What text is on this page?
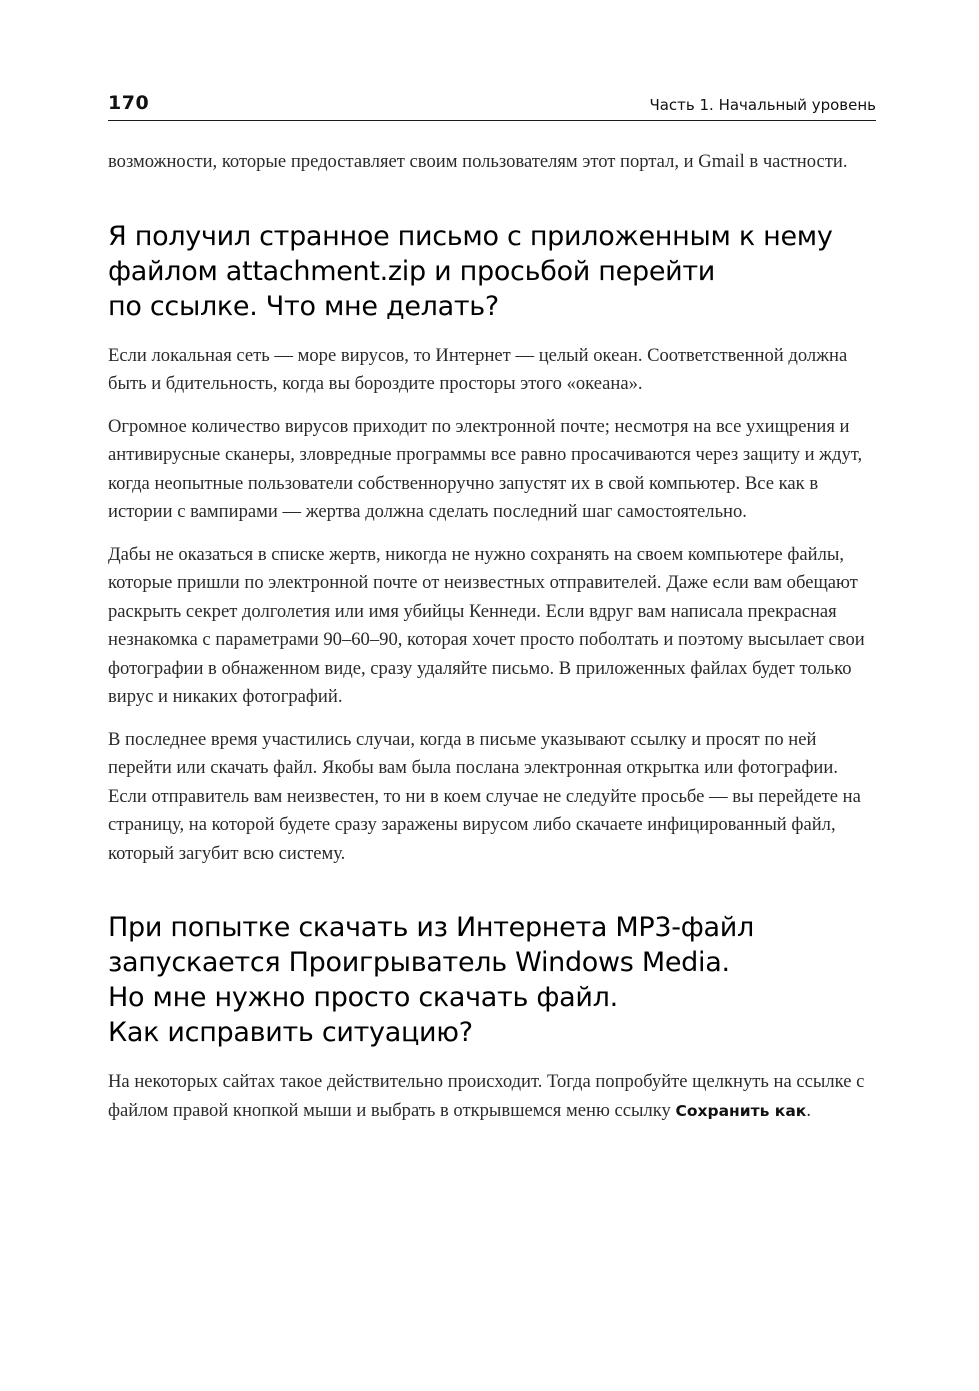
170	Часть 1. Начальный уровень

возможности, которые предоставляет своим пользователям этот портал, и Gmail в частности.

Я получил странное письмо с приложенным к нему
файлом attachment.zip и просьбой перейти
по ссылке. Что мне делать?

Если локальная сеть — море вирусов, то Интернет — целый океан. Соответственной должна быть и бдительность, когда вы бороздите просторы этого «океана».

Огромное количество вирусов приходит по электронной почте; несмотря на все ухищрения и антивирусные сканеры, зловредные программы все равно просачиваются через защиту и ждут, когда неопытные пользователи собственноручно запустят их в свой компьютер. Все как в истории с вампирами — жертва должна сделать последний шаг самостоятельно.

Дабы не оказаться в списке жертв, никогда не нужно сохранять на своем компьютере файлы, которые пришли по электронной почте от неизвестных отправителей. Даже если вам обещают раскрыть секрет долголетия или имя убийцы Кеннеди. Если вдруг вам написала прекрасная незнакомка с параметрами 90–60–90, которая хочет просто поболтать и поэтому высылает свои фотографии в обнаженном виде, сразу удаляйте письмо. В приложенных файлах будет только вирус и никаких фотографий.

В последнее время участились случаи, когда в письме указывают ссылку и просят по ней перейти или скачать файл. Якобы вам была послана электронная открытка или фотографии. Если отправитель вам неизвестен, то ни в коем случае не следуйте просьбе — вы перейдете на страницу, на которой будете сразу заражены вирусом либо скачаете инфицированный файл, который загубит всю систему.

При попытке скачать из Интернета MP3-файл
запускается Проигрыватель Windows Media.
Но мне нужно просто скачать файл.
Как исправить ситуацию?

На некоторых сайтах такое действительно происходит. Тогда попробуйте щелкнуть на ссылке с файлом правой кнопкой мыши и выбрать в открывшемся меню ссылку Сохранить как.
